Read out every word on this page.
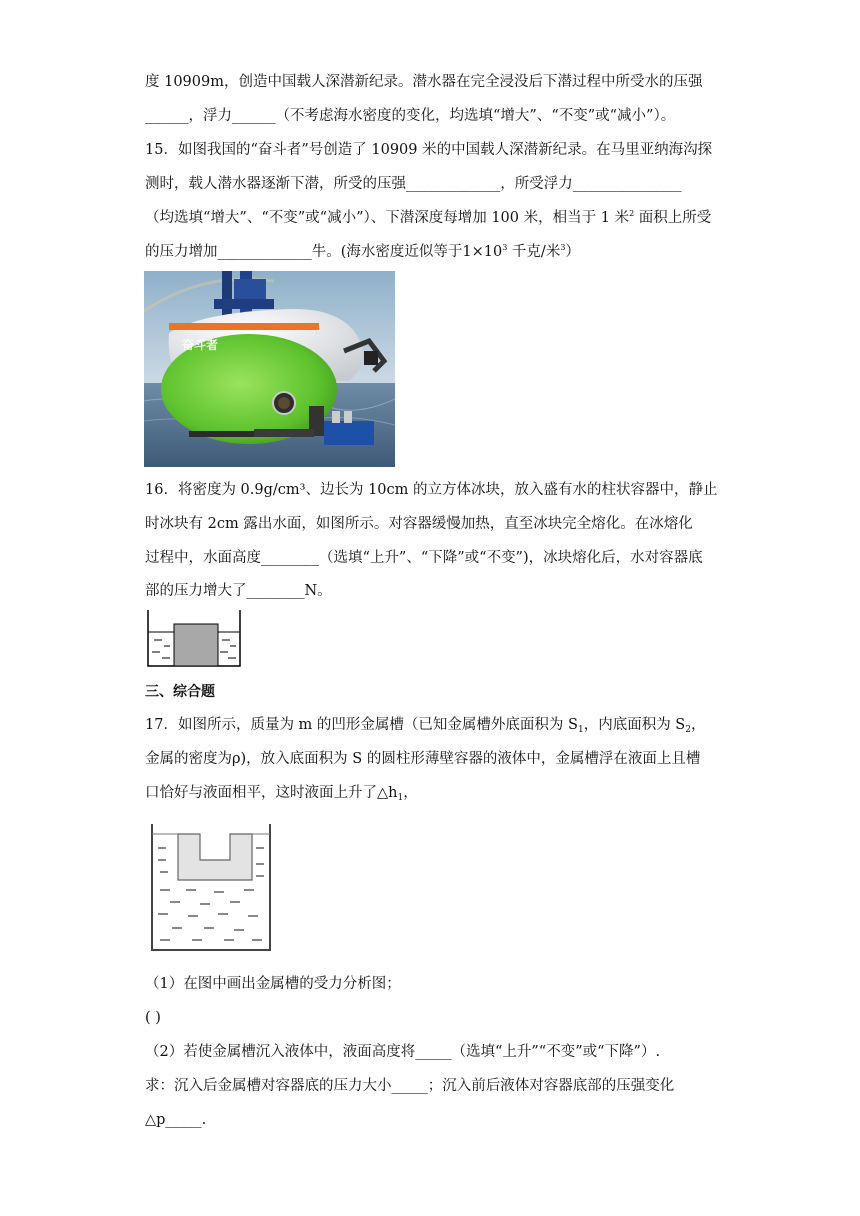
度 10909m，创造中国载人深潜新纪录。潜水器在完全浸没后下潜过程中所受水的压强
______，浮力______（不考虑海水密度的变化，均选填“增大”、“不变”或“减小”）。
15．如图我国的“奋斗者”号创造了 10909 米的中国载人深潜新纪录。在马里亚纳海沟探
测时，载人潜水器逐渐下潜，所受的压强_____________，所受浮力_______________
（均选填“增大”、“不变”或“减小”）、下潜深度每增加 100 米，相当于 1 米$^2$ 面积上所受
的压力增加_____________牛。(海水密度近似等于$1\times 10^3$ 千克/米$^3$）
奋斗者
16．将密度为 0.9g/cm³、边长为 10cm 的立方体冰块，放入盛有水的柱状容器中，静止
时冰块有 2cm 露出水面，如图所示。对容器缓慢加热，直至冰块完全熔化。在冰熔化
过程中，水面高度________（选填“上升”、“下降”或“不变”)，冰块熔化后，水对容器底
部的压力增大了________N。
三、综合题
17．如图所示，质量为 m 的凹形金属槽（已知金属槽外底面积为 $S_1$，内底面积为 $S_2$，
金属的密度为ρ)，放入底面积为 S 的圆柱形薄壁容器的液体中，金属槽浮在液面上且槽
口恰好与液面相平，这时液面上升了$\triangle h_1$，
（1）在图中画出金属槽的受力分析图；
( )
（2）若使金属槽沉入液体中，液面高度将_____（选填“上升”“不变”或“下降”）.
求：沉入后金属槽对容器底的压力大小_____；沉入前后液体对容器底部的压强变化
△p_____.
